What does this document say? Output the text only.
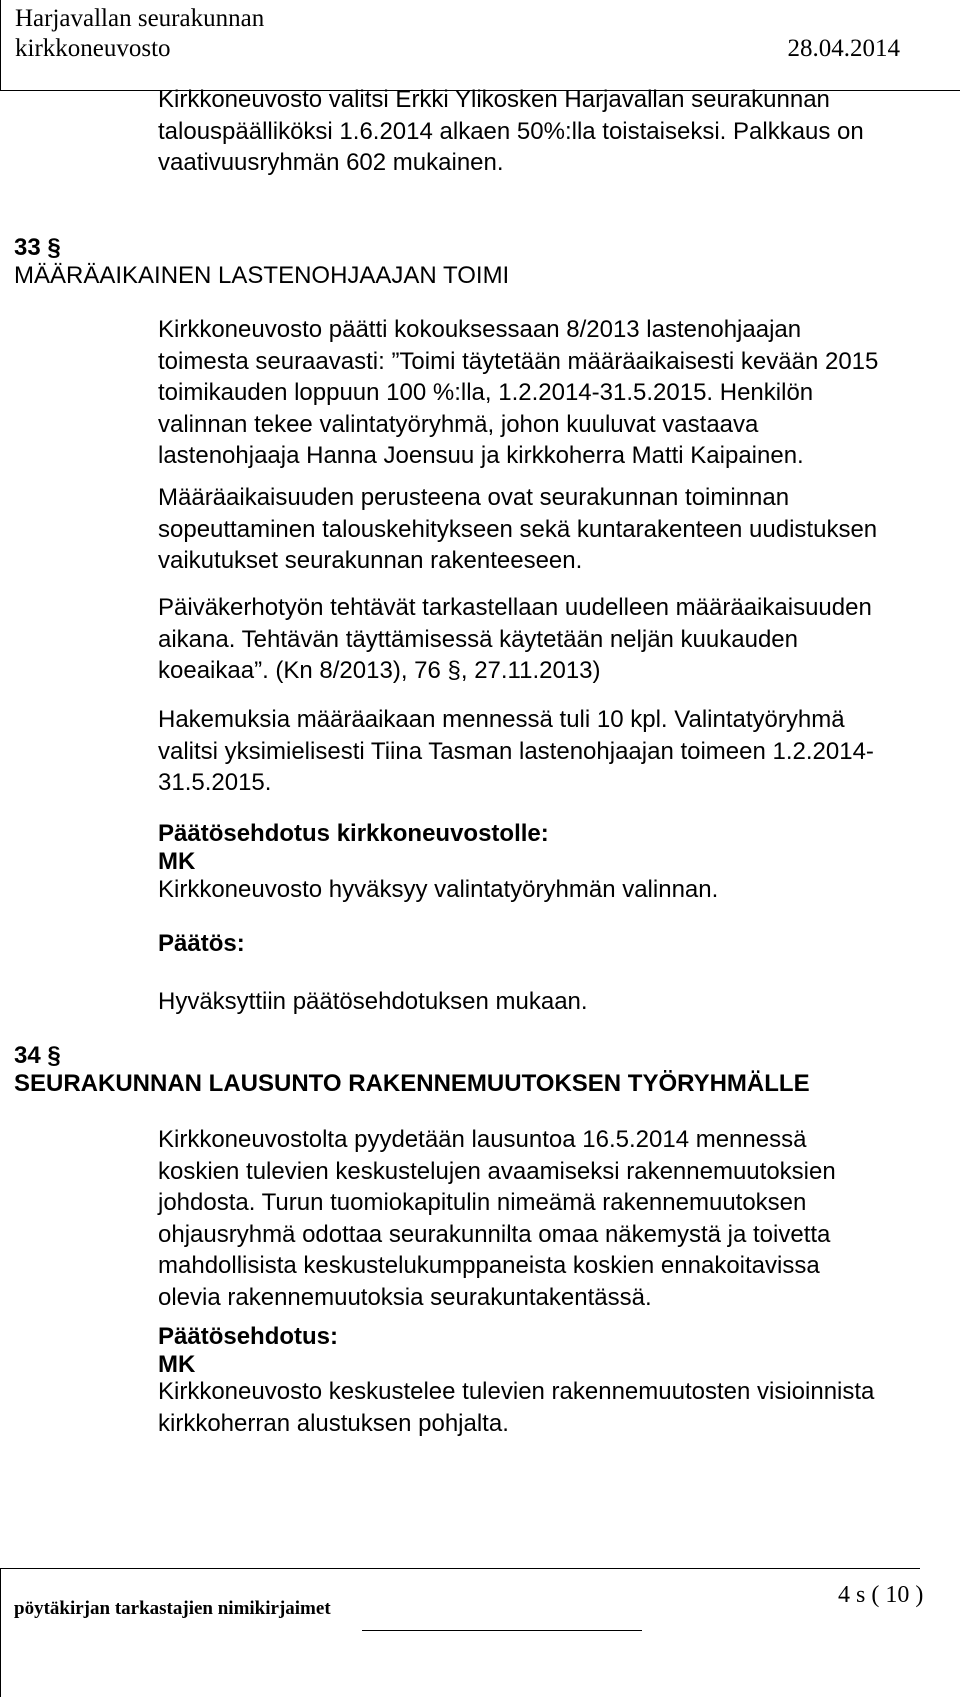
Harjavallan seurakunnan
kirkkoneuvosto	28.04.2014
Kirkkoneuvosto valitsi Erkki Ylikosken Harjavallan seurakunnan
talouspäälliköksi 1.6.2014 alkaen 50%:lla toistaiseksi. Palkkaus on
vaativuusryhmän 602 mukainen.
33 §
MÄÄRÄAIKAINEN LASTENOHJAAJAN TOIMI
Kirkkoneuvosto päätti kokouksessaan 8/2013 lastenohjaajan
toimesta seuraavasti: ”Toimi täytetään määräaikaisesti kevään 2015
toimikauden loppuun 100 %:lla, 1.2.2014-31.5.2015. Henkilön
valinnan tekee valintatyöryhmä, johon kuuluvat vastaava
lastenohjaaja Hanna Joensuu ja kirkkoherra Matti Kaipainen.
Määräaikaisuuden perusteena ovat seurakunnan toiminnan
sopeuttaminen talouskehitykseen sekä kuntarakenteen uudistuksen
vaikutukset seurakunnan rakenteeseen.
Päiväkerhotyön tehtävät tarkastellaan uudelleen määräaikaisuuden
aikana. Tehtävän täyttämisessä käytetään neljän kuukauden
koeaikaa”. (Kn 8/2013), 76 §, 27.11.2013)
Hakemuksia määräaikaan mennessä tuli 10 kpl. Valintatyöryhmä
valitsi yksimielisesti Tiina Tasman lastenohjaajan toimeen 1.2.2014-
31.5.2015.
Päätösehdotus kirkkoneuvostolle:
MK
Kirkkoneuvosto hyväksyy valintatyöryhmän valinnan.
Päätös:
Hyväksyttiin päätösehdotuksen mukaan.
34 §
SEURAKUNNAN LAUSUNTO RAKENNEMUUTOKSEN TYÖRYHMÄLLE
Kirkkoneuvostolta pyydetään lausuntoa 16.5.2014 mennessä
koskien tulevien keskustelujen avaamiseksi rakennemuutoksien
johdosta. Turun tuomiokapitulin nimeämä rakennemuutoksen
ohjausryhmä odottaa seurakunnilta omaa näkemystä ja toivetta
mahdollisista keskustelukumppaneista koskien ennakoitavissa
olevia rakennemuutoksia seurakuntakentässä.
Päätösehdotus:
MK
Kirkkoneuvosto keskustelee tulevien rakennemuutosten visioinnista
kirkkoherran alustuksen pohjalta.
pöytäkirjan tarkastajien nimikirjaimet
4 s ( 10 )
